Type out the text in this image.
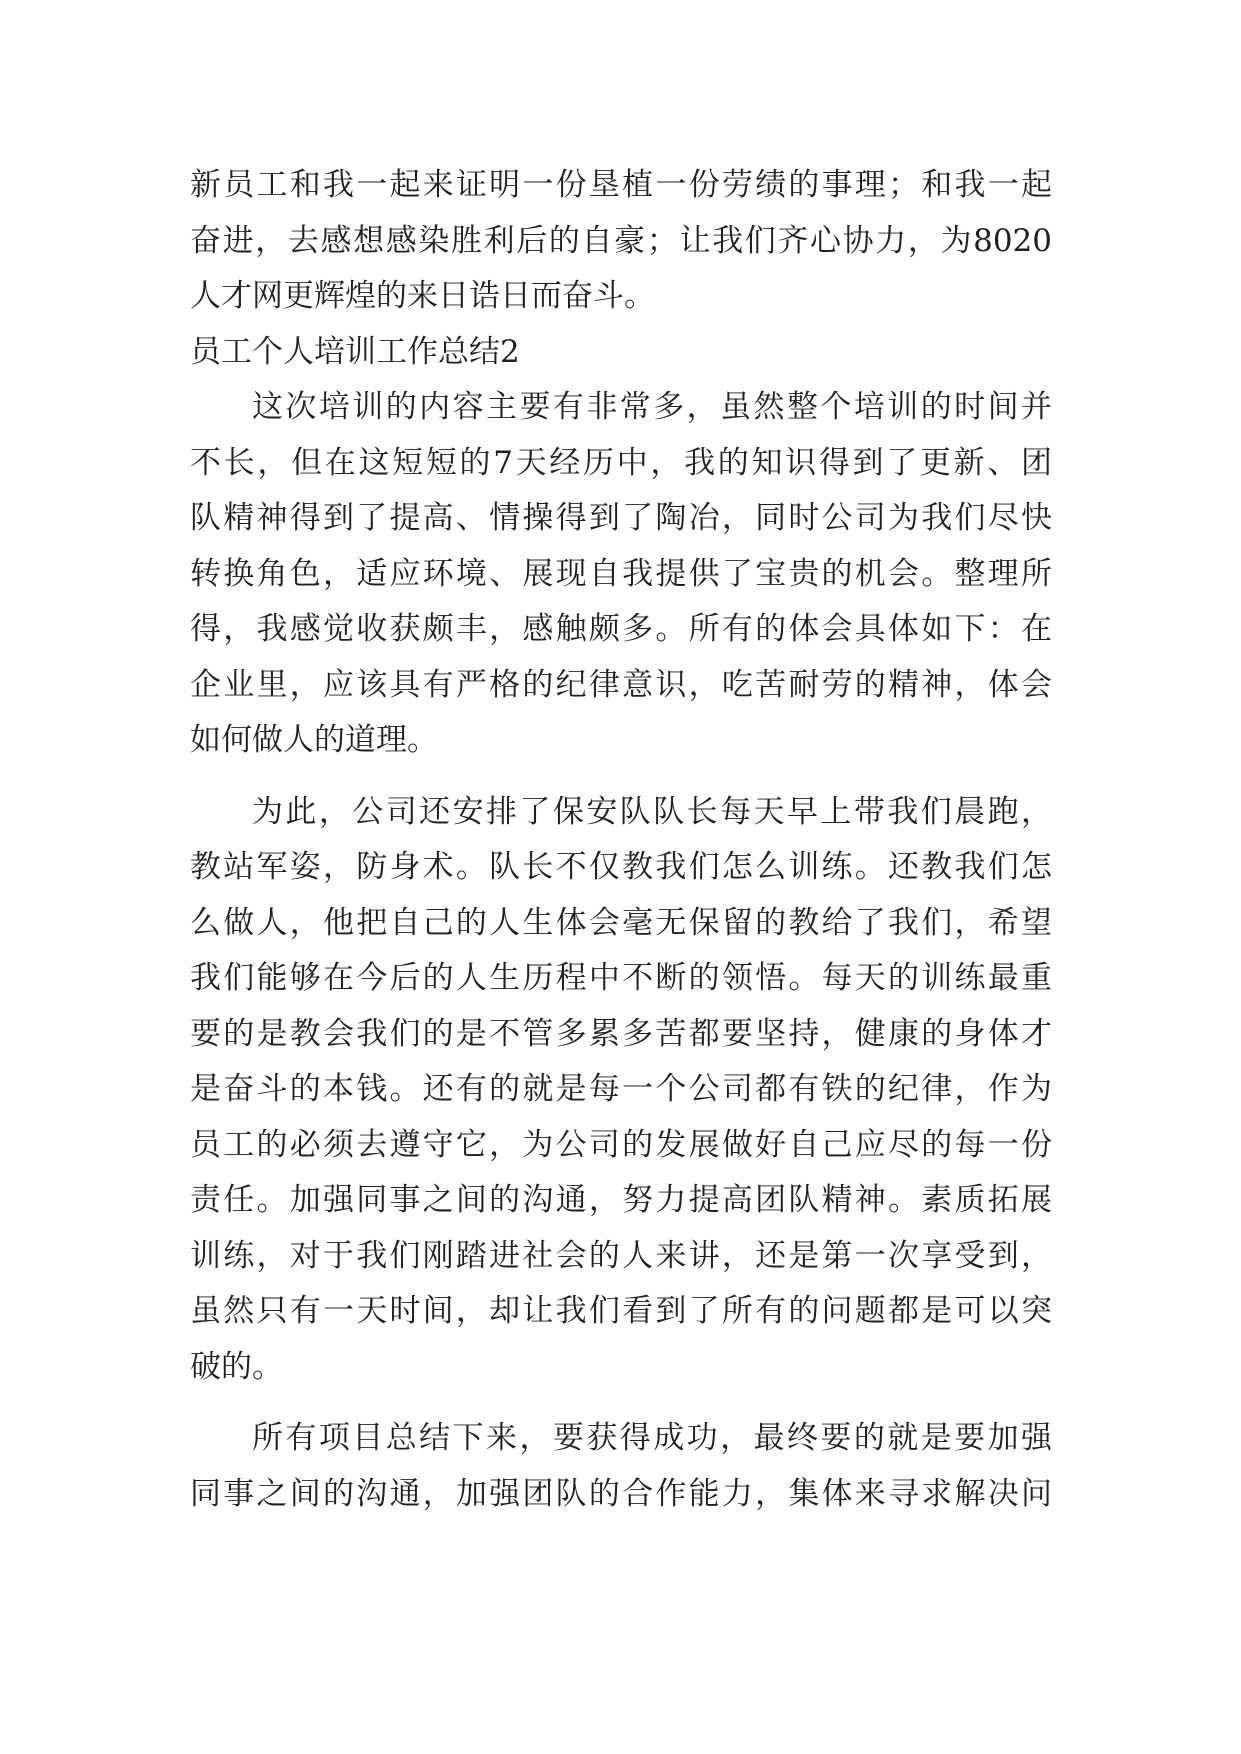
新员工和我一起来证明一份垦植一份劳绩的事理；和我一起
奋进，去感想感染胜利后的自豪；让我们齐心协力，为8020
人才网更辉煌的来日诰日而奋斗。
员工个人培训工作总结2
这次培训的内容主要有非常多，虽然整个培训的时间并
不长，但在这短短的7天经历中，我的知识得到了更新、团
队精神得到了提高、情操得到了陶冶，同时公司为我们尽快
转换角色，适应环境、展现自我提供了宝贵的机会。整理所
得，我感觉收获颇丰，感触颇多。所有的体会具体如下：在
企业里，应该具有严格的纪律意识，吃苦耐劳的精神，体会
如何做人的道理。
为此，公司还安排了保安队队长每天早上带我们晨跑，
教站军姿，防身术。队长不仅教我们怎么训练。还教我们怎
么做人，他把自己的人生体会毫无保留的教给了我们，希望
我们能够在今后的人生历程中不断的领悟。每天的训练最重
要的是教会我们的是不管多累多苦都要坚持，健康的身体才
是奋斗的本钱。还有的就是每一个公司都有铁的纪律，作为
员工的必须去遵守它，为公司的发展做好自己应尽的每一份
责任。加强同事之间的沟通，努力提高团队精神。素质拓展
训练，对于我们刚踏进社会的人来讲，还是第一次享受到，
虽然只有一天时间，却让我们看到了所有的问题都是可以突
破的。
所有项目总结下来，要获得成功，最终要的就是要加强
同事之间的沟通，加强团队的合作能力，集体来寻求解决问
